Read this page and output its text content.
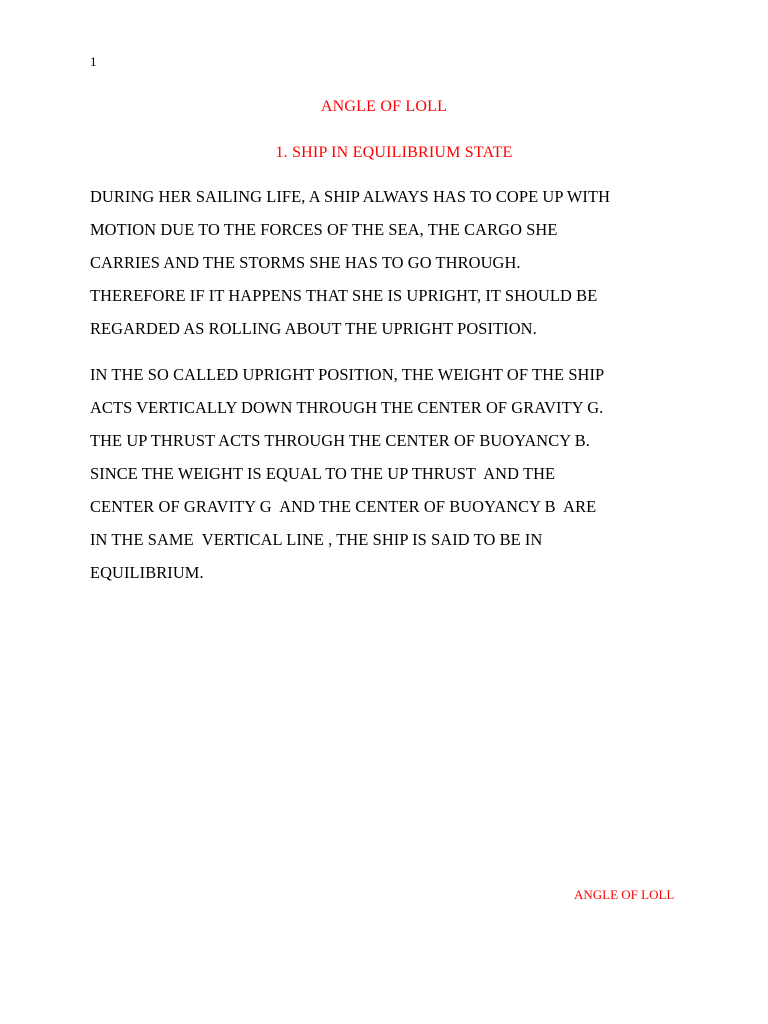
1
ANGLE OF LOLL
1. SHIP IN EQUILIBRIUM STATE
DURING HER SAILING LIFE, A SHIP ALWAYS HAS TO COPE UP WITH
MOTION DUE TO THE FORCES OF THE SEA, THE CARGO SHE
CARRIES AND THE STORMS SHE HAS TO GO THROUGH.
THEREFORE IF IT HAPPENS THAT SHE IS UPRIGHT, IT SHOULD BE
REGARDED AS ROLLING ABOUT THE UPRIGHT POSITION.
IN THE SO CALLED UPRIGHT POSITION, THE WEIGHT OF THE SHIP
ACTS VERTICALLY DOWN THROUGH THE CENTER OF GRAVITY G.
THE UP THRUST ACTS THROUGH THE CENTER OF BUOYANCY B.
SINCE THE WEIGHT IS EQUAL TO THE UP THRUST  AND THE
CENTER OF GRAVITY G  AND THE CENTER OF BUOYANCY B  ARE
IN THE SAME  VERTICAL LINE , THE SHIP IS SAID TO BE IN
EQUILIBRIUM.
ANGLE OF LOLL
